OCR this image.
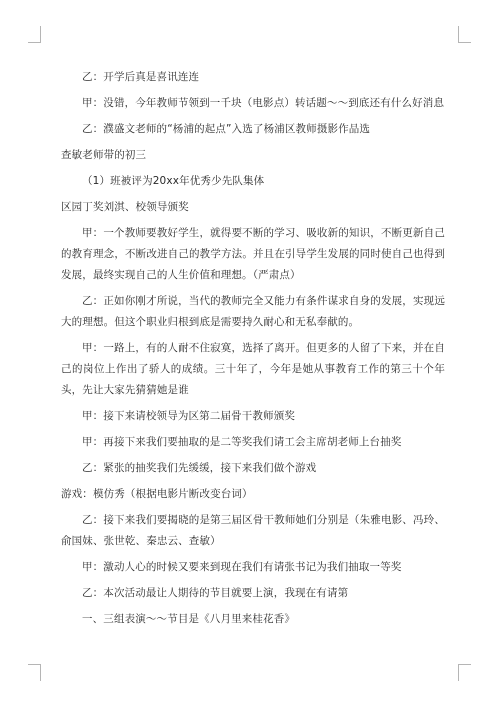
乙：开学后真是喜讯连连

甲：没错，今年教师节领到一千块（电影点）转话题～～到底还有什么好消息

乙：濮盛文老师的“杨浦的起点”入选了杨浦区教师摄影作品选

查敏老师带的初三

（1）班被评为20xx年优秀少先队集体

区园丁奖刘淇、校领导颁奖

甲：一个教师要教好学生，就得要不断的学习、吸收新的知识，不断更新自己的教育理念，不断改进自己的教学方法。并且在引导学生发展的同时使自己也得到发展，最终实现自己的人生价值和理想。（严肃点）

乙：正如你刚才所说，当代的教师完全又能力有条件谋求自身的发展，实现远大的理想。但这个职业归根到底是需要持久耐心和无私奉献的。

甲：一路上，有的人耐不住寂寞，选择了离开。但更多的人留了下来，并在自己的岗位上作出了骄人的成绩。三十年了，今年是她从事教育工作的第三十个年头，先让大家先猜猜她是谁

甲：接下来请校领导为区第二届骨干教师颁奖

甲：再接下来我们要抽取的是二等奖我们请工会主席胡老师上台抽奖

乙：紧张的抽奖我们先缓缓，接下来我们做个游戏

游戏：模仿秀（根据电影片断改变台词）

乙：接下来我们要揭晓的是第三届区骨干教师她们分别是（朱雅电影、冯玲、俞国妹、张世乾、秦忠云、查敏）

甲：激动人心的时候又要来到现在我们有请张书记为我们抽取一等奖

乙：本次活动最让人期待的节目就要上演，我现在有请第

一、三组表演～～节目是《八月里来桂花香》
